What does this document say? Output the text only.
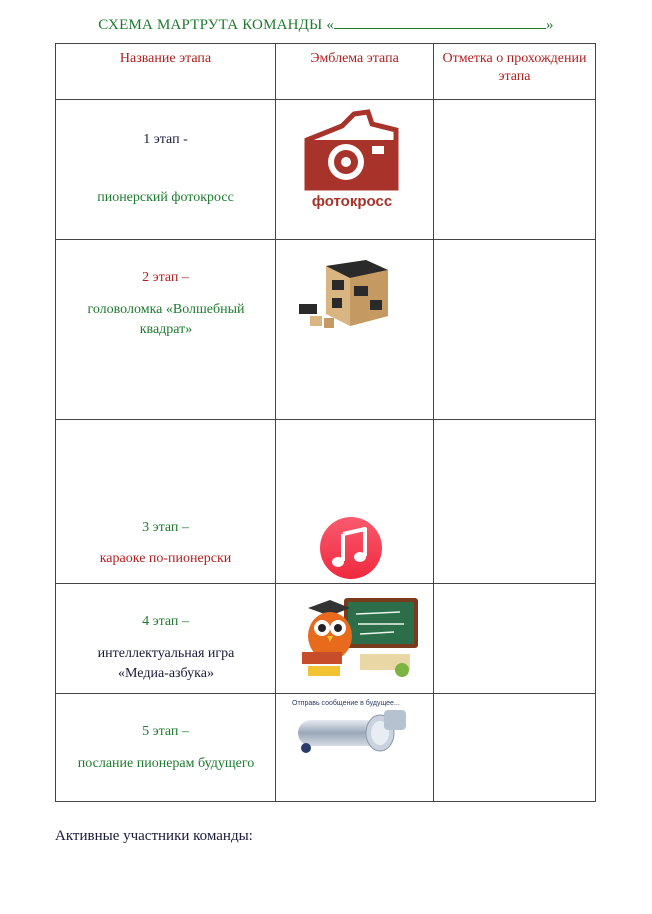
СХЕМА МАРТРУТА КОМАНДЫ «	»
Название этапа	Эмблема этапа	Отметка о прохождении этапа

1 этап -
пионерский фотокросс	фотокросс	

2 этап –
головоломка «Волшебный квадрат»

3 этап –
караоке по-пионерски

4 этап –
интеллектуальная игра «Медиа-азбука»

5 этап –
послание пионерам будущего	Отправь сообщение в будущее...	

Активные участники команды:
